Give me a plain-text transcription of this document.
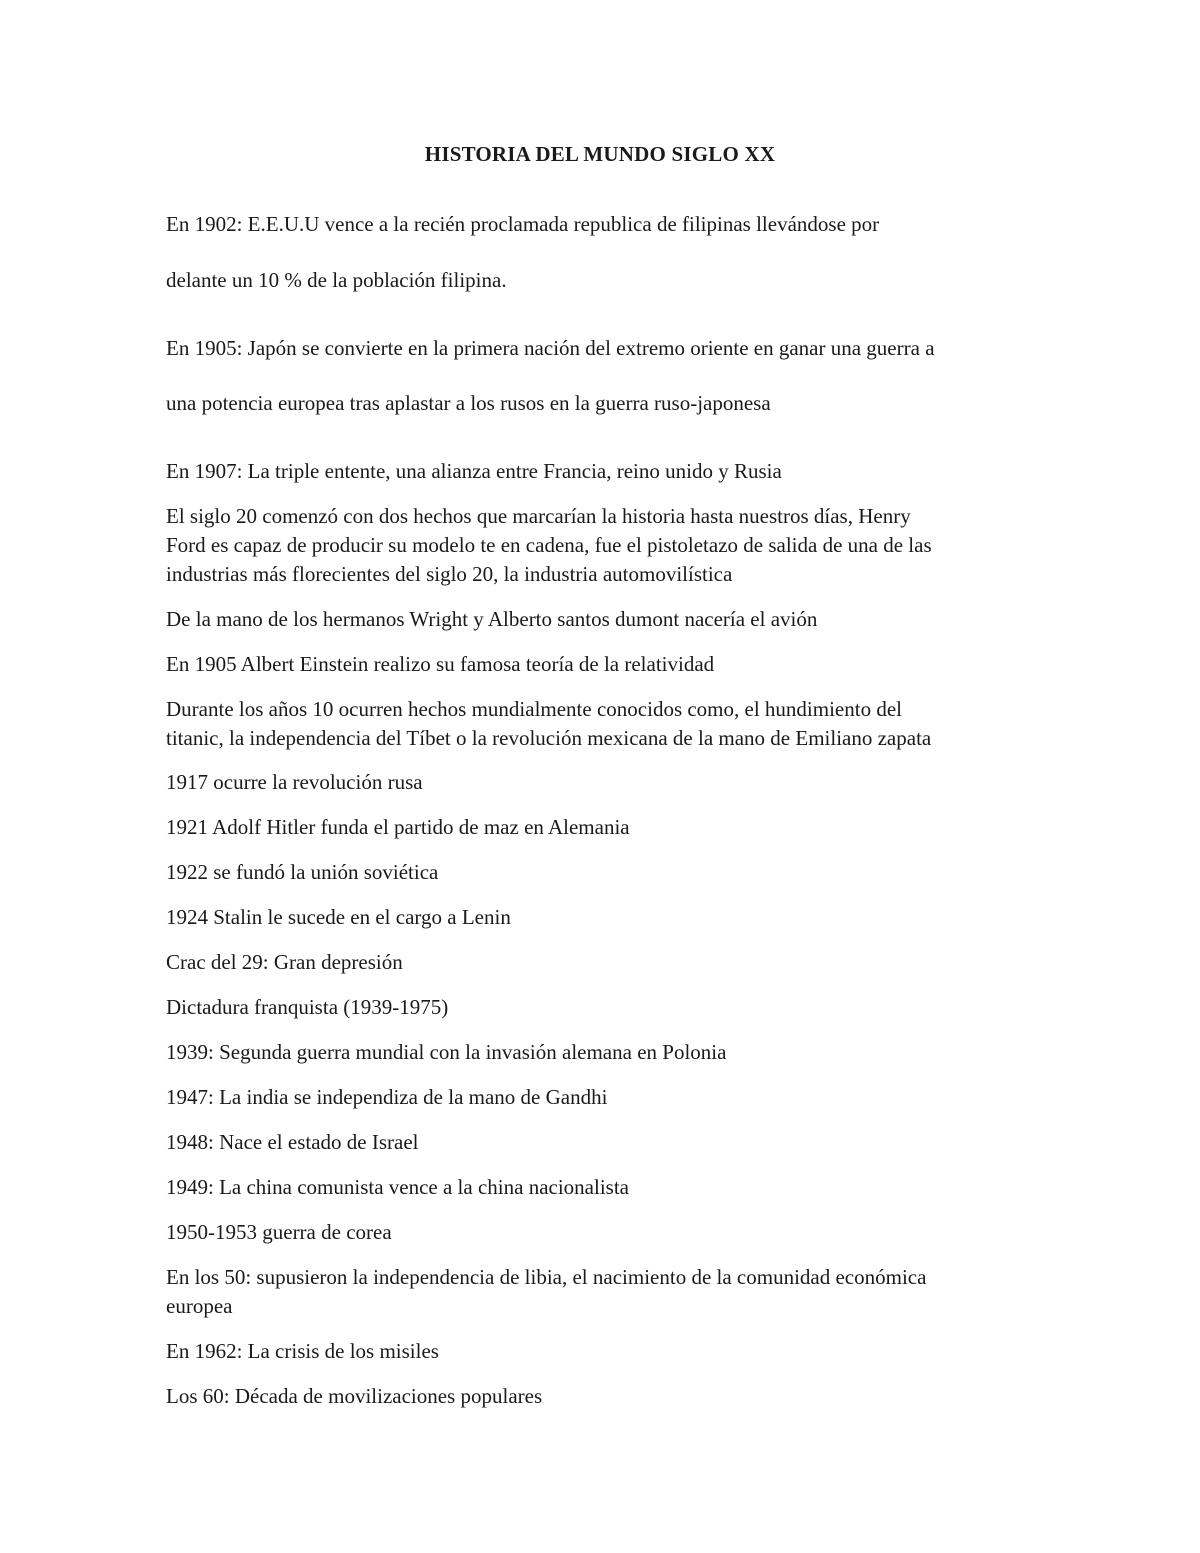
HISTORIA DEL MUNDO SIGLO XX

En 1902: E.E.U.U vence a la recién proclamada republica de filipinas llevándose por

delante un 10 % de la población filipina.

En 1905: Japón se convierte en la primera nación del extremo oriente en ganar una guerra a

una potencia europea tras aplastar a los rusos en la guerra ruso-japonesa

En 1907: La triple entente, una alianza entre Francia, reino unido y Rusia

El siglo 20 comenzó con dos hechos que marcarían la historia hasta nuestros días, Henry
Ford es capaz de producir su modelo te en cadena, fue el pistoletazo de salida de una de las
industrias más florecientes del siglo 20, la industria automovilística

De la mano de los hermanos Wright y Alberto santos dumont nacería el avión

En 1905 Albert Einstein realizo su famosa teoría de la relatividad

Durante los años 10 ocurren hechos mundialmente conocidos como, el hundimiento del
titanic, la independencia del Tíbet o la revolución mexicana de la mano de Emiliano zapata

1917 ocurre la revolución rusa

1921 Adolf Hitler funda el partido de maz en Alemania

1922 se fundó la unión soviética

1924 Stalin le sucede en el cargo a Lenin

Crac del 29: Gran depresión

Dictadura franquista (1939-1975)

1939: Segunda guerra mundial con la invasión alemana en Polonia

1947: La india se independiza de la mano de Gandhi

1948: Nace el estado de Israel

1949: La china comunista vence a la china nacionalista

1950-1953 guerra de corea

En los 50: supusieron la independencia de libia, el nacimiento de la comunidad económica
europea

En 1962: La crisis de los misiles

Los 60: Década de movilizaciones populares
